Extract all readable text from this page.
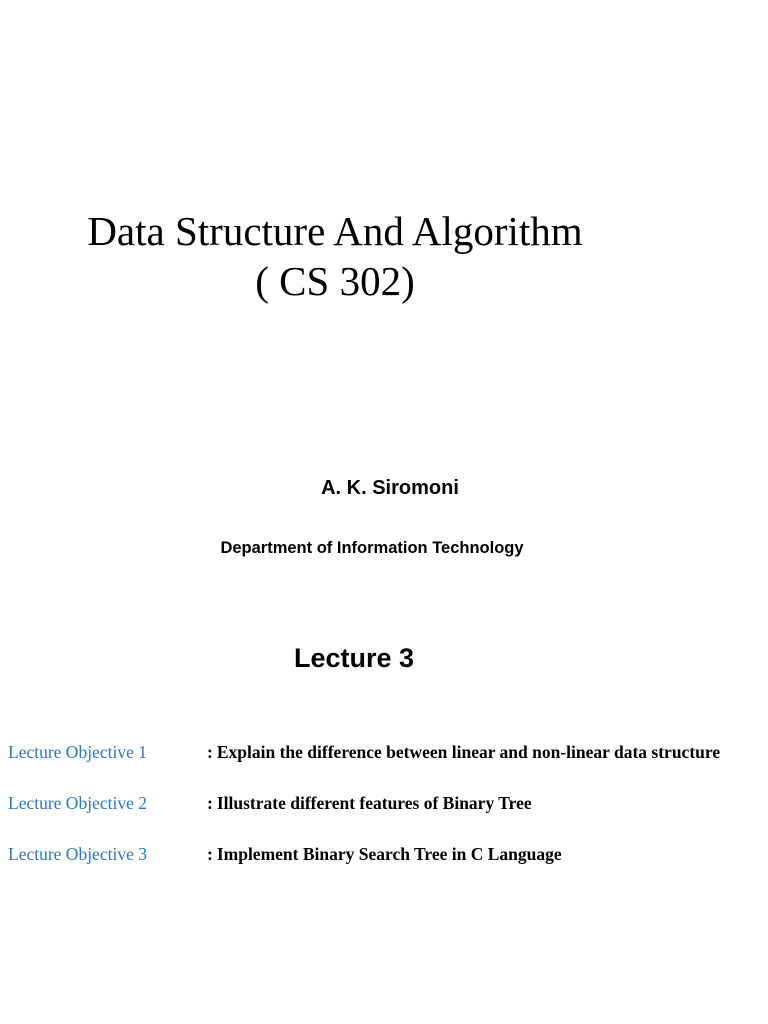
Data Structure And Algorithm
( CS 302)

A. K. Siromoni

Department of Information Technology

Lecture 3

Lecture Objective 1	: Explain the difference between linear and non-linear data structure
Lecture Objective 2	: Illustrate different features of Binary Tree
Lecture Objective 3	: Implement Binary Search Tree in C Language
